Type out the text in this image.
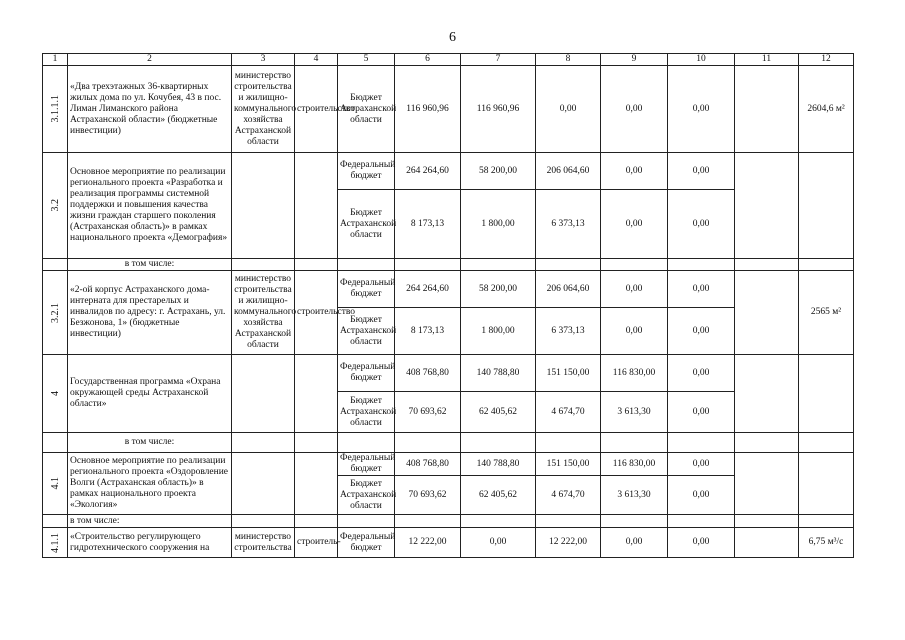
6
1	2	3	4	5	6	7	8	9	10	11	12

3.1.1.1	«Два трехэтажных 36-квартирных жилых дома по ул. Кочубея, 43 в пос. Лиман Лиманского района Астраханской области» (бюджетные инвестиции)	министерство строительства и жилищно-коммунального хозяйства Астраханской области	строительство	Бюджет Астраханской области	116 960,96	116 960,96	0,00	0,00	0,00		2604,6 м²

3.2	Основное мероприятие по реализации регионального проекта «Разработка и реализация программы системной поддержки и повышения качества жизни граждан старшего поколения (Астраханская область)» в рамках национального проекта «Демография»			Федеральный бюджет	264 264,60	58 200,00	206 064,60	0,00	0,00		
				Бюджет Астраханской области	8 173,13	1 800,00	6 373,13	0,00	0,00		
	в том числе:										

3.2.1	«2-ой корпус Астраханского дома-интерната для престарелых и инвалидов по адресу: г. Астрахань, ул. Безжонова, 1» (бюджетные инвестиции)	министерство строительства и жилищно-коммунального хозяйства Астраханской области	строительство	Федеральный бюджет	264 264,60	58 200,00	206 064,60	0,00	0,00		2565 м²
				Бюджет Астраханской области	8 173,13	1 800,00	6 373,13	0,00	0,00		

4	Государственная программа «Охрана окружающей среды Астраханской области»			Федеральный бюджет	408 768,80	140 788,80	151 150,00	116 830,00	0,00		
				Бюджет Астраханской области	70 693,62	62 405,62	4 674,70	3 613,30	0,00		
	в том числе:										

4.1	Основное мероприятие по реализации регионального проекта «Оздоровление Волги (Астраханская область)» в рамках национального проекта «Экология»			Федеральный бюджет	408 768,80	140 788,80	151 150,00	116 830,00	0,00		
				Бюджет Астраханской области	70 693,62	62 405,62	4 674,70	3 613,30	0,00		
	в том числе:										

4.1.1	«Строительство регулирующего гидротехнического сооружения на	министерство строительства	строитель-	Федеральный бюджет	12 222,00	0,00	12 222,00	0,00	0,00		6,75 м³/с
